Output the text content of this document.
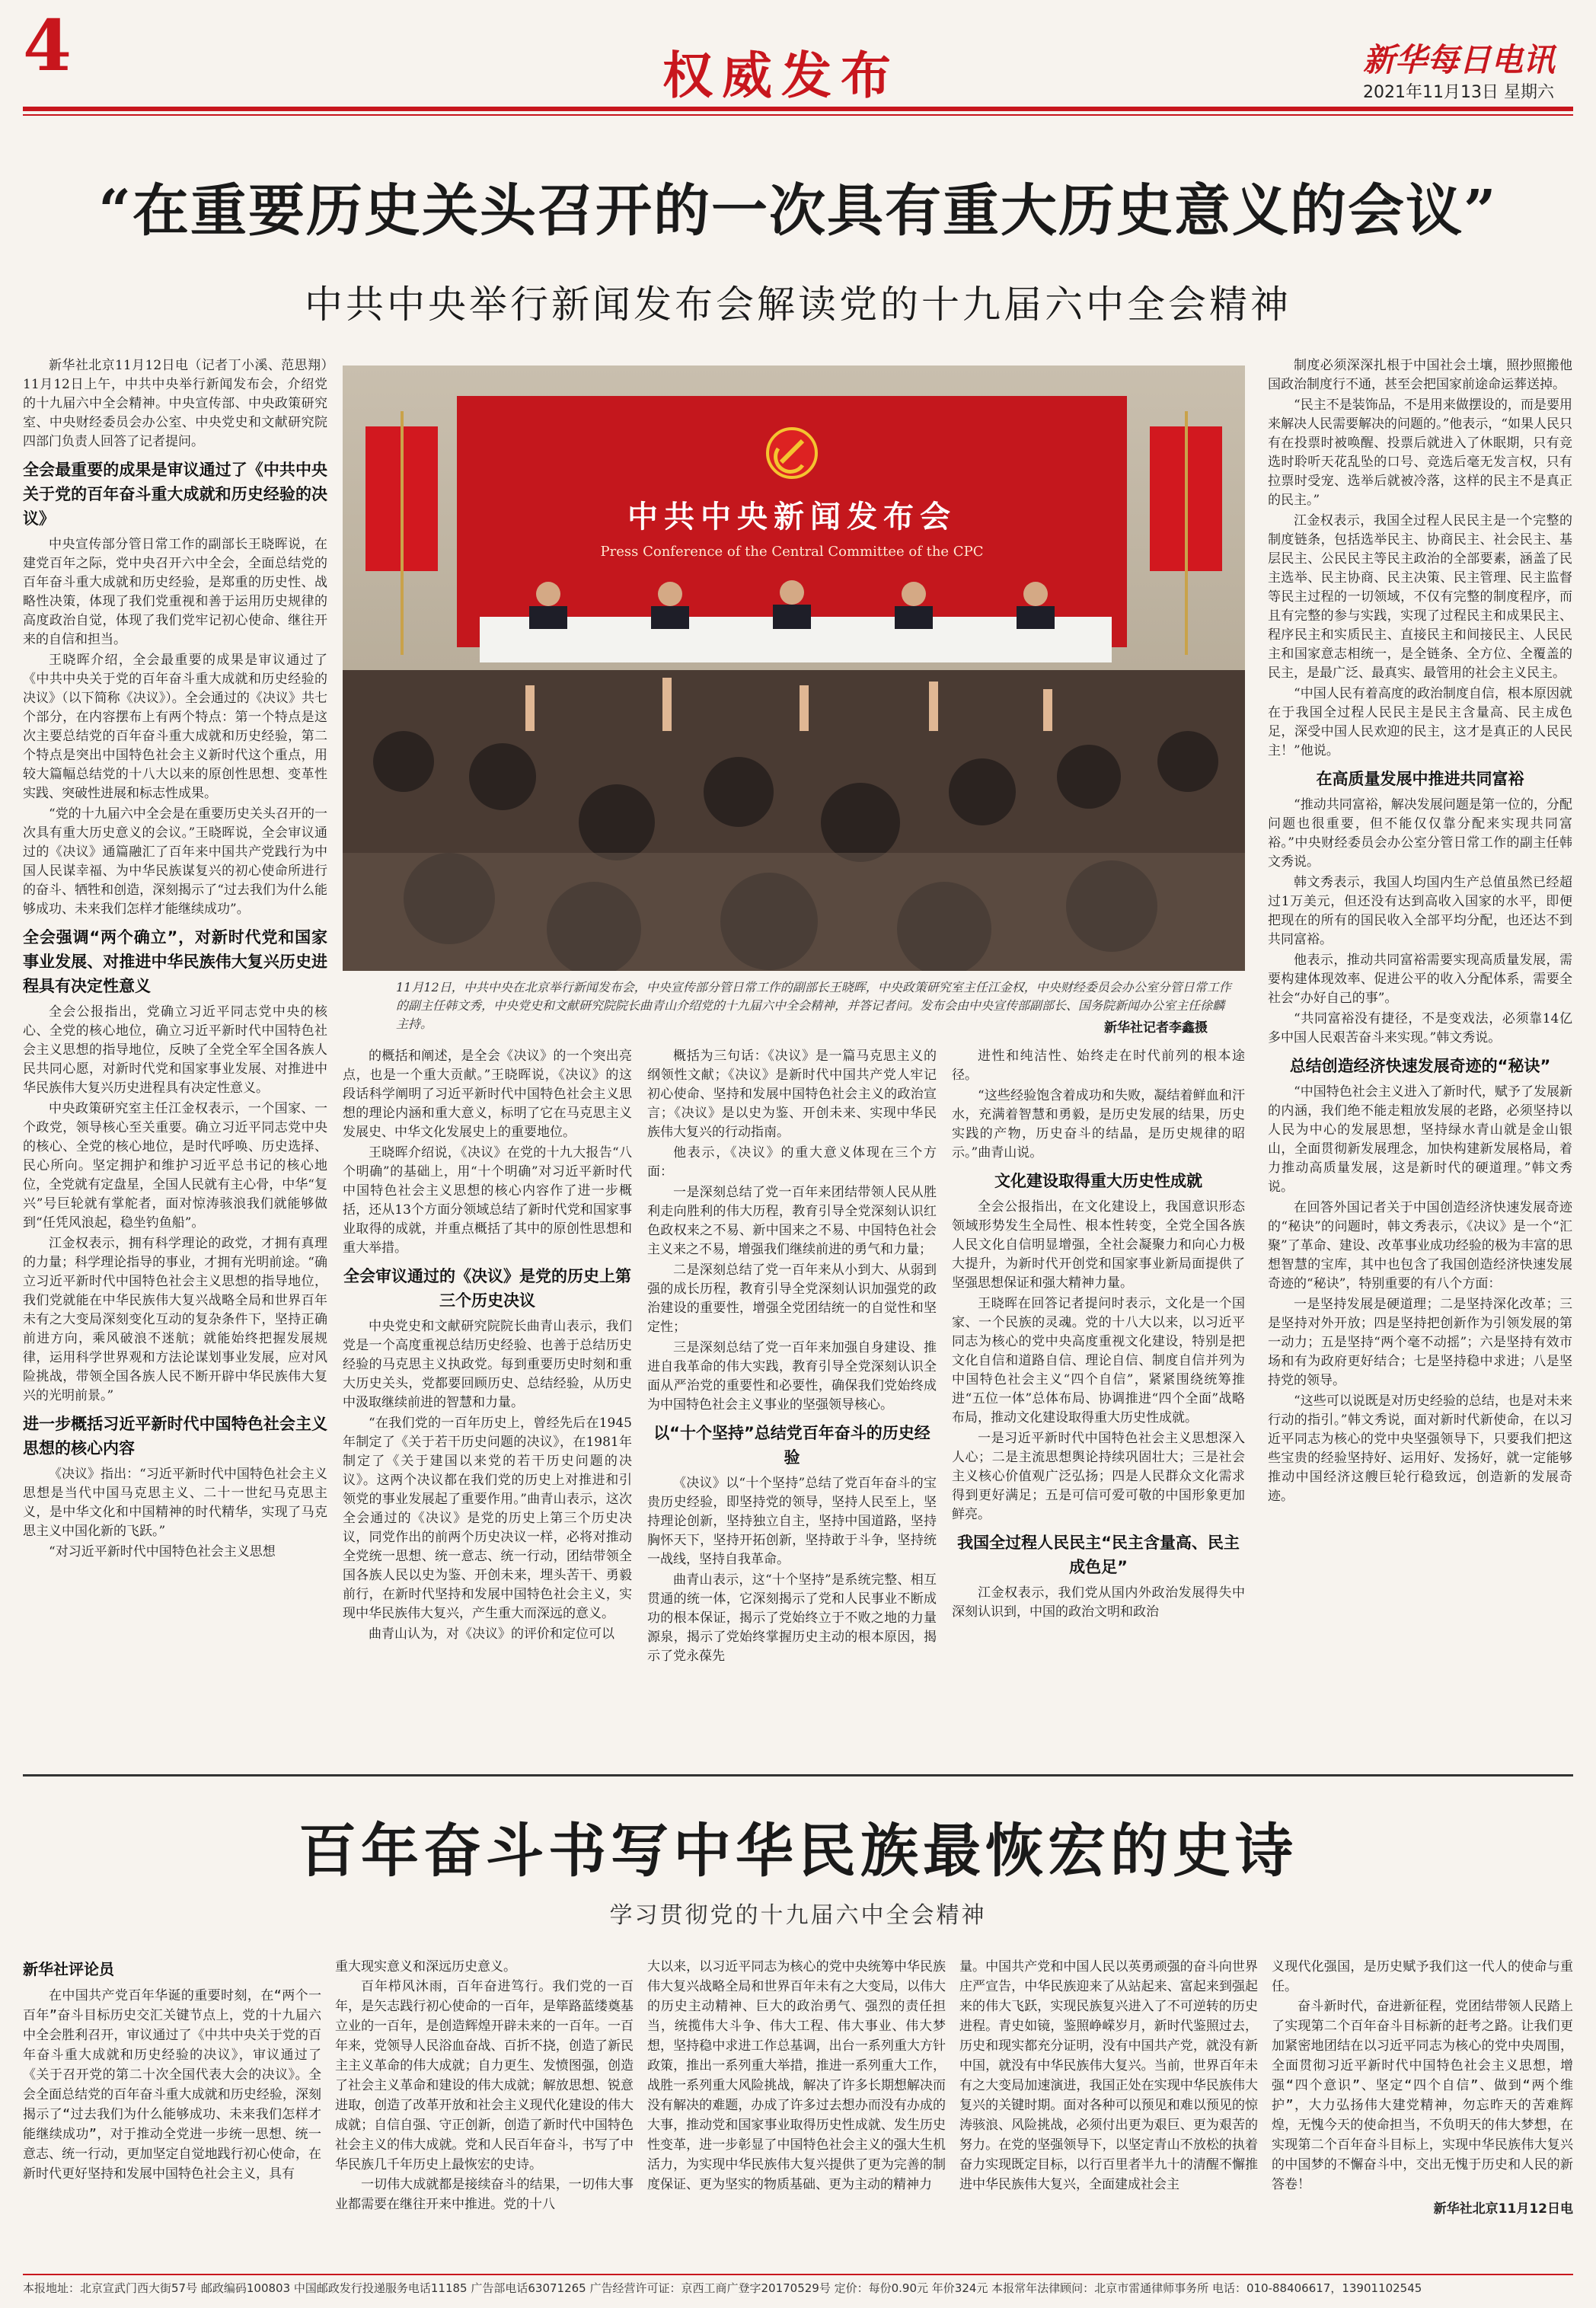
4	权威发布	新华每日电讯
2021年11月13日 星期六
“在重要历史关头召开的一次具有重大历史意义的会议”
中共中央举行新闻发布会解读党的十九届六中全会精神

新华社北京11月12日电（记者丁小溪、范思翔）11月12日上午，中共中央举行新闻发布会，介绍党的十九届六中全会精神。中央宣传部、中央政策研究室、中央财经委员会办公室、中央党史和文献研究院四部门负责人回答了记者提问。

全会最重要的成果是审议通过了《中共中央关于党的百年奋斗重大成就和历史经验的决议》

中央宣传部分管日常工作的副部长王晓晖说，在建党百年之际，党中央召开六中全会，全面总结党的百年奋斗重大成就和历史经验，是郑重的历史性、战略性决策，体现了我们党重视和善于运用历史规律的高度政治自觉，体现了我们党牢记初心使命、继往开来的自信和担当。

王晓晖介绍，全会最重要的成果是审议通过了《中共中央关于党的百年奋斗重大成就和历史经验的决议》（以下简称《决议》）。全会通过的《决议》共七个部分，在内容摆布上有两个特点：第一个特点是这次主要总结党的百年奋斗重大成就和历史经验，第二个特点是突出中国特色社会主义新时代这个重点，用较大篇幅总结党的十八大以来的原创性思想、变革性实践、突破性进展和标志性成果。

“党的十九届六中全会是在重要历史关头召开的一次具有重大历史意义的会议。”王晓晖说，全会审议通过的《决议》通篇融汇了百年来中国共产党践行为中国人民谋幸福、为中华民族谋复兴的初心使命所进行的奋斗、牺牲和创造，深刻揭示了“过去我们为什么能够成功、未来我们怎样才能继续成功”。

全会强调“两个确立”，对新时代党和国家事业发展、对推进中华民族伟大复兴历史进程具有决定性意义

全会公报指出，党确立习近平同志党中央的核心、全党的核心地位，确立习近平新时代中国特色社会主义思想的指导地位，反映了全党全军全国各族人民共同心愿，对新时代党和国家事业发展、对推进中华民族伟大复兴历史进程具有决定性意义。

中央政策研究室主任江金权表示，一个国家、一个政党，领导核心至关重要。确立习近平同志党中央的核心、全党的核心地位，是时代呼唤、历史选择、民心所向。坚定拥护和维护习近平总书记的核心地位，全党就有定盘星，全国人民就有主心骨，中华“复兴”号巨轮就有掌舵者，面对惊涛骇浪我们就能够做到“任凭风浪起，稳坐钓鱼船”。

江金权表示，拥有科学理论的政党，才拥有真理的力量；科学理论指导的事业，才拥有光明前途。“确立习近平新时代中国特色社会主义思想的指导地位，我们党就能在中华民族伟大复兴战略全局和世界百年未有之大变局深刻变化互动的复杂条件下，坚持正确前进方向，乘风破浪不迷航；就能始终把握发展规律，运用科学世界观和方法论谋划事业发展，应对风险挑战，带领全国各族人民不断开辟中华民族伟大复兴的光明前景。”

进一步概括习近平新时代中国特色社会主义思想的核心内容

《决议》指出：“习近平新时代中国特色社会主义思想是当代中国马克思主义、二十一世纪马克思主义，是中华文化和中国精神的时代精华，实现了马克思主义中国化新的飞跃。”

“对习近平新时代中国特色社会主义思想

中共中央新闻发布会
Press Conference of the Central Committee of the CPC
11月12日，中共中央在北京举行新闻发布会，中央宣传部分管日常工作的副部长王晓晖，中央政策研究室主任江金权，中央财经委员会办公室分管日常工作的副主任韩文秀，中央党史和文献研究院院长曲青山介绍党的十九届六中全会精神，并答记者问。发布会由中央宣传部副部长、国务院新闻办公室主任徐麟主持。	新华社记者李鑫摄

的概括和阐述，是全会《决议》的一个突出亮点，也是一个重大贡献。”王晓晖说，《决议》的这段话科学阐明了习近平新时代中国特色社会主义思想的理论内涵和重大意义，标明了它在马克思主义发展史、中华文化发展史上的重要地位。

王晓晖介绍说，《决议》在党的十九大报告“八个明确”的基础上，用“十个明确”对习近平新时代中国特色社会主义思想的核心内容作了进一步概括，还从13个方面分领域总结了新时代党和国家事业取得的成就，并重点概括了其中的原创性思想和重大举措。

全会审议通过的《决议》是党的历史上第三个历史决议

中央党史和文献研究院院长曲青山表示，我们党是一个高度重视总结历史经验、也善于总结历史经验的马克思主义执政党。每到重要历史时刻和重大历史关头，党都要回顾历史、总结经验，从历史中汲取继续前进的智慧和力量。

“在我们党的一百年历史上，曾经先后在1945年制定了《关于若干历史问题的决议》，在1981年制定了《关于建国以来党的若干历史问题的决议》。这两个决议都在我们党的历史上对推进和引领党的事业发展起了重要作用。”曲青山表示，这次全会通过的《决议》是党的历史上第三个历史决议，同党作出的前两个历史决议一样，必将对推动全党统一思想、统一意志、统一行动，团结带领全国各族人民以史为鉴、开创未来，埋头苦干、勇毅前行，在新时代坚持和发展中国特色社会主义，实现中华民族伟大复兴，产生重大而深远的意义。

曲青山认为，对《决议》的评价和定位可以

概括为三句话：《决议》是一篇马克思主义的纲领性文献；《决议》是新时代中国共产党人牢记初心使命、坚持和发展中国特色社会主义的政治宣言；《决议》是以史为鉴、开创未来、实现中华民族伟大复兴的行动指南。

他表示，《决议》的重大意义体现在三个方面：

一是深刻总结了党一百年来团结带领人民从胜利走向胜利的伟大历程，教育引导全党深刻认识红色政权来之不易、新中国来之不易、中国特色社会主义来之不易，增强我们继续前进的勇气和力量；

二是深刻总结了党一百年来从小到大、从弱到强的成长历程，教育引导全党深刻认识加强党的政治建设的重要性，增强全党团结统一的自觉性和坚定性；

三是深刻总结了党一百年来加强自身建设、推进自我革命的伟大实践，教育引导全党深刻认识全面从严治党的重要性和必要性，确保我们党始终成为中国特色社会主义事业的坚强领导核心。

以“十个坚持”总结党百年奋斗的历史经验

《决议》以“十个坚持”总结了党百年奋斗的宝贵历史经验，即坚持党的领导，坚持人民至上，坚持理论创新，坚持独立自主，坚持中国道路，坚持胸怀天下，坚持开拓创新，坚持敢于斗争，坚持统一战线，坚持自我革命。

曲青山表示，这“十个坚持”是系统完整、相互贯通的统一体，它深刻揭示了党和人民事业不断成功的根本保证，揭示了党始终立于不败之地的力量源泉，揭示了党始终掌握历史主动的根本原因，揭示了党永葆先

进性和纯洁性、始终走在时代前列的根本途径。

“这些经验饱含着成功和失败，凝结着鲜血和汗水，充满着智慧和勇毅，是历史发展的结果，历史实践的产物，历史奋斗的结晶，是历史规律的昭示。”曲青山说。

文化建设取得重大历史性成就

全会公报指出，在文化建设上，我国意识形态领域形势发生全局性、根本性转变，全党全国各族人民文化自信明显增强，全社会凝聚力和向心力极大提升，为新时代开创党和国家事业新局面提供了坚强思想保证和强大精神力量。

王晓晖在回答记者提问时表示，文化是一个国家、一个民族的灵魂。党的十八大以来，以习近平同志为核心的党中央高度重视文化建设，特别是把文化自信和道路自信、理论自信、制度自信并列为中国特色社会主义“四个自信”，紧紧围绕统筹推进“五位一体”总体布局、协调推进“四个全面”战略布局，推动文化建设取得重大历史性成就。

一是习近平新时代中国特色社会主义思想深入人心；二是主流思想舆论持续巩固壮大；三是社会主义核心价值观广泛弘扬；四是人民群众文化需求得到更好满足；五是可信可爱可敬的中国形象更加鲜亮。

我国全过程人民民主“民主含量高、民主成色足”

江金权表示，我们党从国内外政治发展得失中深刻认识到，中国的政治文明和政治

制度必须深深扎根于中国社会土壤，照抄照搬他国政治制度行不通，甚至会把国家前途命运葬送掉。

“民主不是装饰品，不是用来做摆设的，而是要用来解决人民需要解决的问题的。”他表示，“如果人民只有在投票时被唤醒、投票后就进入了休眠期，只有竞选时聆听天花乱坠的口号、竞选后毫无发言权，只有拉票时受宠、选举后就被冷落，这样的民主不是真正的民主。”

江金权表示，我国全过程人民民主是一个完整的制度链条，包括选举民主、协商民主、社会民主、基层民主、公民民主等民主政治的全部要素，涵盖了民主选举、民主协商、民主决策、民主管理、民主监督等民主过程的一切领域，不仅有完整的制度程序，而且有完整的参与实践，实现了过程民主和成果民主、程序民主和实质民主、直接民主和间接民主、人民民主和国家意志相统一，是全链条、全方位、全覆盖的民主，是最广泛、最真实、最管用的社会主义民主。

“中国人民有着高度的政治制度自信，根本原因就在于我国全过程人民民主是民主含量高、民主成色足，深受中国人民欢迎的民主，这才是真正的人民民主！”他说。

在高质量发展中推进共同富裕

“推动共同富裕，解决发展问题是第一位的，分配问题也很重要，但不能仅仅靠分配来实现共同富裕。”中央财经委员会办公室分管日常工作的副主任韩文秀说。

韩文秀表示，我国人均国内生产总值虽然已经超过1万美元，但还没有达到高收入国家的水平，即便把现在的所有的国民收入全部平均分配，也还达不到共同富裕。

他表示，推动共同富裕需要实现高质量发展，需要构建体现效率、促进公平的收入分配体系，需要全社会“办好自己的事”。

“共同富裕没有捷径，不是变戏法，必须靠14亿多中国人民艰苦奋斗来实现。”韩文秀说。

总结创造经济快速发展奇迹的“秘诀”

“中国特色社会主义进入了新时代，赋予了发展新的内涵，我们绝不能走粗放发展的老路，必须坚持以人民为中心的发展思想，坚持绿水青山就是金山银山，全面贯彻新发展理念，加快构建新发展格局，着力推动高质量发展，这是新时代的硬道理。”韩文秀说。

在回答外国记者关于中国创造经济快速发展奇迹的“秘诀”的问题时，韩文秀表示，《决议》是一个“汇聚”了革命、建设、改革事业成功经验的极为丰富的思想智慧的宝库，其中也包含了我国创造经济快速发展奇迹的“秘诀”，特别重要的有八个方面：

一是坚持发展是硬道理；二是坚持深化改革；三是坚持对外开放；四是坚持把创新作为引领发展的第一动力；五是坚持“两个毫不动摇”；六是坚持有效市场和有为政府更好结合；七是坚持稳中求进；八是坚持党的领导。

“这些可以说既是对历史经验的总结，也是对未来行动的指引。”韩文秀说，面对新时代新使命，在以习近平同志为核心的党中央坚强领导下，只要我们把这些宝贵的经验坚持好、运用好、发扬好，就一定能够推动中国经济这艘巨轮行稳致远，创造新的发展奇迹。

百年奋斗书写中华民族最恢宏的史诗
学习贯彻党的十九届六中全会精神
新华社评论员

在中国共产党百年华诞的重要时刻，在“两个一百年”奋斗目标历史交汇关键节点上，党的十九届六中全会胜利召开，审议通过了《中共中央关于党的百年奋斗重大成就和历史经验的决议》，审议通过了《关于召开党的第二十次全国代表大会的决议》。全会全面总结党的百年奋斗重大成就和历史经验，深刻揭示了“过去我们为什么能够成功、未来我们怎样才能继续成功”，对于推动全党进一步统一思想、统一意志、统一行动，更加坚定自觉地践行初心使命，在新时代更好坚持和发展中国特色社会主义，具有

重大现实意义和深远历史意义。

百年栉风沐雨，百年奋进笃行。我们党的一百年，是矢志践行初心使命的一百年，是筚路蓝缕奠基立业的一百年，是创造辉煌开辟未来的一百年。一百年来，党领导人民浴血奋战、百折不挠，创造了新民主主义革命的伟大成就；自力更生、发愤图强，创造了社会主义革命和建设的伟大成就；解放思想、锐意进取，创造了改革开放和社会主义现代化建设的伟大成就；自信自强、守正创新，创造了新时代中国特色社会主义的伟大成就。党和人民百年奋斗，书写了中华民族几千年历史上最恢宏的史诗。

一切伟大成就都是接续奋斗的结果，一切伟大事业都需要在继往开来中推进。党的十八

大以来，以习近平同志为核心的党中央统筹中华民族伟大复兴战略全局和世界百年未有之大变局，以伟大的历史主动精神、巨大的政治勇气、强烈的责任担当，统揽伟大斗争、伟大工程、伟大事业、伟大梦想，坚持稳中求进工作总基调，出台一系列重大方针政策，推出一系列重大举措，推进一系列重大工作，战胜一系列重大风险挑战，解决了许多长期想解决而没有解决的难题，办成了许多过去想办而没有办成的大事，推动党和国家事业取得历史性成就、发生历史性变革，进一步彰显了中国特色社会主义的强大生机活力，为实现中华民族伟大复兴提供了更为完善的制度保证、更为坚实的物质基础、更为主动的精神力

量。中国共产党和中国人民以英勇顽强的奋斗向世界庄严宣告，中华民族迎来了从站起来、富起来到强起来的伟大飞跃，实现民族复兴进入了不可逆转的历史进程。青史如镜，鉴照峥嵘岁月，新时代鉴照过去，历史和现实都充分证明，没有中国共产党，就没有新中国，就没有中华民族伟大复兴。当前，世界百年未有之大变局加速演进，我国正处在实现中华民族伟大复兴的关键时期。面对各种可以预见和难以预见的惊涛骇浪、风险挑战，必须付出更为艰巨、更为艰苦的努力。在党的坚强领导下，以坚定青山不放松的执着奋力实现既定目标，以行百里者半九十的清醒不懈推进中华民族伟大复兴，全面建成社会主

义现代化强国，是历史赋予我们这一代人的使命与重任。

奋斗新时代，奋进新征程，党团结带领人民踏上了实现第二个百年奋斗目标新的赶考之路。让我们更加紧密地团结在以习近平同志为核心的党中央周围，全面贯彻习近平新时代中国特色社会主义思想，增强“四个意识”、坚定“四个自信”、做到“两个维护”，大力弘扬伟大建党精神，勿忘昨天的苦难辉煌，无愧今天的使命担当，不负明天的伟大梦想，在实现第二个百年奋斗目标上，实现中华民族伟大复兴的中国梦的不懈奋斗中，交出无愧于历史和人民的新答卷！

新华社北京11月12日电

本报地址：北京宣武门西大街57号 邮政编码100803 中国邮政发行投递服务电话11185 广告部电话63071265 广告经营许可证：京西工商广登字20170529号 定价：每份0.90元 年价324元 本报常年法律顾问：北京市雷通律师事务所 电话：010-88406617，13901102545
